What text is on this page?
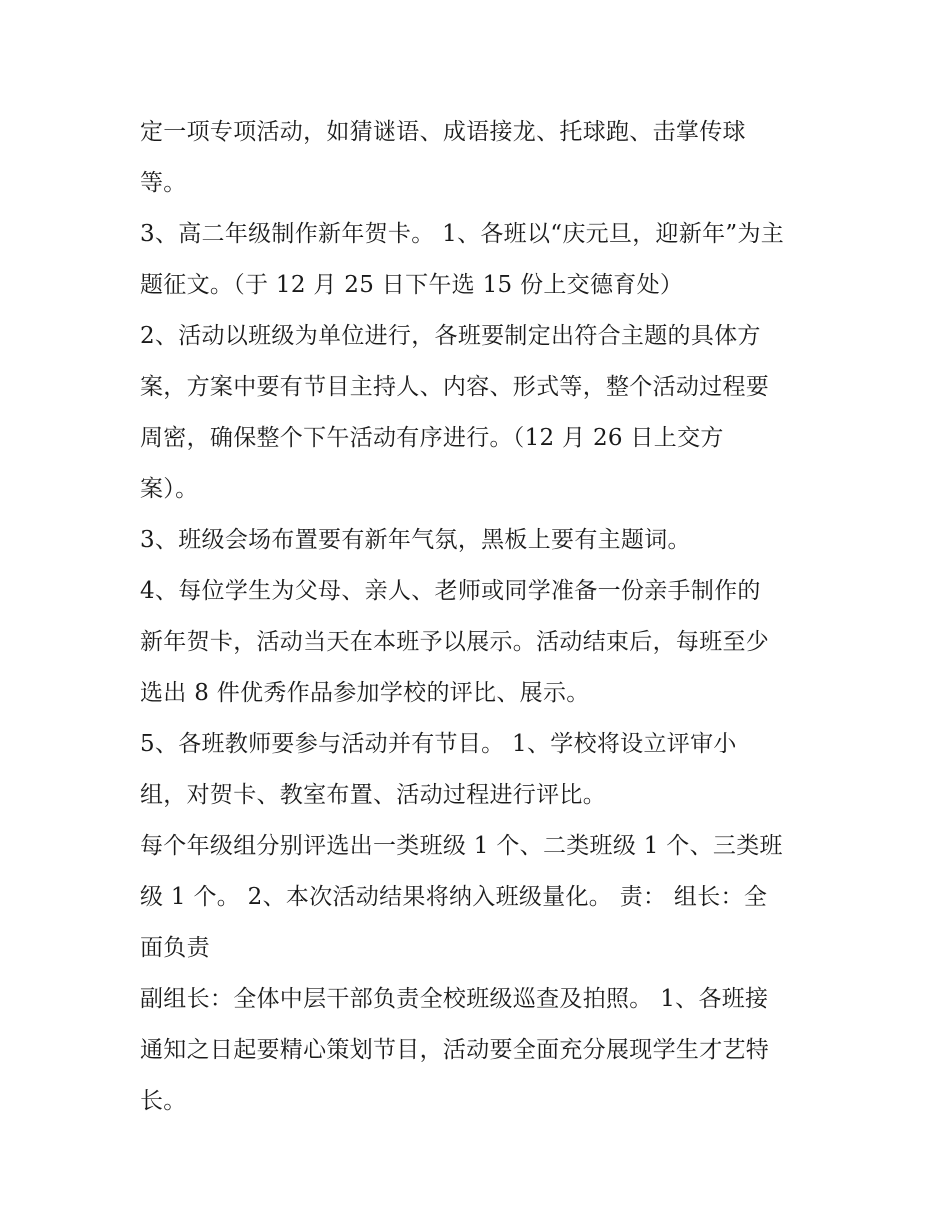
定一项专项活动，如猜谜语、成语接龙、托球跑、击掌传球
等。
3、高二年级制作新年贺卡。 1、各班以“庆元旦，迎新年”为主
题征文。（于 12 月 25 日下午选 15 份上交德育处）
2、活动以班级为单位进行，各班要制定出符合主题的具体方
案，方案中要有节目主持人、内容、形式等，整个活动过程要
周密，确保整个下午活动有序进行。（12 月 26 日上交方
案）。
3、班级会场布置要有新年气氛，黑板上要有主题词。
4、每位学生为父母、亲人、老师或同学准备一份亲手制作的
新年贺卡，活动当天在本班予以展示。活动结束后，每班至少
选出 8 件优秀作品参加学校的评比、展示。
5、各班教师要参与活动并有节目。 1、学校将设立评审小
组，对贺卡、教室布置、活动过程进行评比。
每个年级组分别评选出一类班级 1 个、二类班级 1 个、三类班
级 1 个。 2、本次活动结果将纳入班级量化。 责： 组长：全
面负责
副组长：全体中层干部负责全校班级巡查及拍照。 1、各班接
通知之日起要精心策划节目，活动要全面充分展现学生才艺特
长。
